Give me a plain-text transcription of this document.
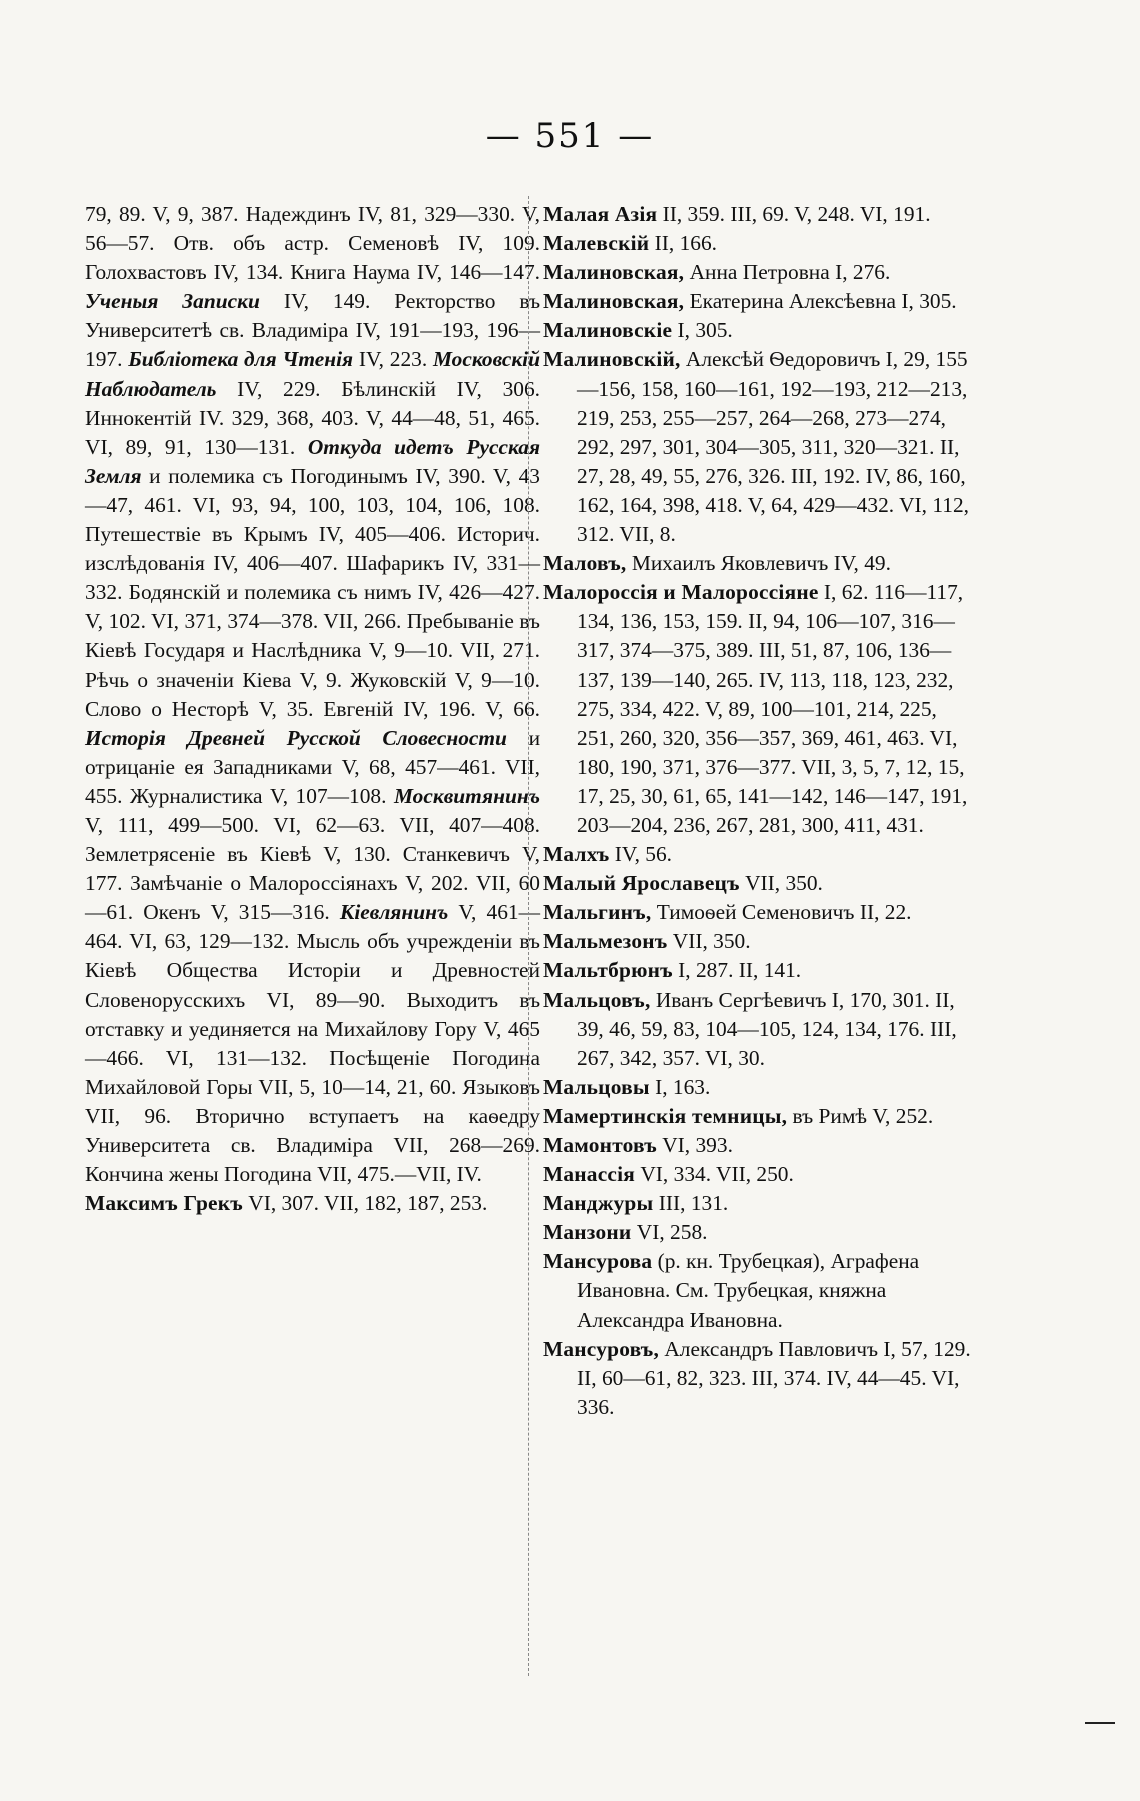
— 551 —

79, 89. V, 9, 387. Надеждинъ IV, 81, 329—330. V, 56—57. Отв. объ астр. Семеновѣ IV, 109. Голохвастовъ IV, 134. Книга Наума IV, 146—147. Ученыя Записки IV, 149. Ректорство въ Университетѣ св. Владиміра IV, 191—193, 196—197. Библіотека для Чтенія IV, 223. Московскій Наблюдатель IV, 229. Бѣлинскій IV, 306. Иннокентій IV. 329, 368, 403. V, 44—48, 51, 465. VI, 89, 91, 130—131. Откуда идетъ Русская Земля и полемика съ Погодинымъ IV, 390. V, 43—47, 461. VI, 93, 94, 100, 103, 104, 106, 108. Путешествіе въ Крымъ IV, 405—406. Историч. изслѣдованія IV, 406—407. Шафарикъ IV, 331—332. Бодянскій и полемика съ нимъ IV, 426—427. V, 102. VI, 371, 374—378. VII, 266. Пребываніе въ Кіевѣ Государя и Наслѣдника V, 9—10. VII, 271. Рѣчь о значеніи Кіева V, 9. Жуковскій V, 9—10. Слово о Несторѣ V, 35. Евгеній IV, 196. V, 66. Исторія Древней Русской Словесности и отрицаніе ея Западниками V, 68, 457—461. VII, 455. Журналистика V, 107—108. Москвитянинъ V, 111, 499—500. VI, 62—63. VII, 407—408. Землетрясеніе въ Кіевѣ V, 130. Станкевичъ V, 177. Замѣчаніе о Малороссіянахъ V, 202. VII, 60—61. Окенъ V, 315—316. Кіевлянинъ V, 461—464. VI, 63, 129—132. Мысль объ учрежденіи въ Кіевѣ Общества Исторіи и Древностей Словенорусскихъ VI, 89—90. Выходитъ въ отставку и уединяется на Михайлову Гору V, 465—466. VI, 131—132. Посѣщеніе Погодина Михайловой Горы VII, 5, 10—14, 21, 60. Языковъ VII, 96. Вторично вступаетъ на каѳедру Университета св. Владиміра VII, 268—269. Кончина жены Погодина VII, 475.—VII, IV.

Максимъ Грекъ VI, 307. VII, 182, 187, 253.

Малая Азія II, 359. III, 69. V, 248. VI, 191.

Малевскій II, 166.

Малиновская, Анна Петровна I, 276.

Малиновская, Екатерина Алексѣевна I, 305.

Малиновскіе I, 305.

Малиновскій, Алексѣй Ѳедоровичъ I, 29, 155—156, 158, 160—161, 192—193, 212—213, 219, 253, 255—257, 264—268, 273—274, 292, 297, 301, 304—305, 311, 320—321. II, 27, 28, 49, 55, 276, 326. III, 192. IV, 86, 160, 162, 164, 398, 418. V, 64, 429—432. VI, 112, 312. VII, 8.

Маловъ, Михаилъ Яковлевичъ IV, 49.

Малороссія и Малороссіяне I, 62. 116—117, 134, 136, 153, 159. II, 94, 106—107, 316—317, 374—375, 389. III, 51, 87, 106, 136—137, 139—140, 265. IV, 113, 118, 123, 232, 275, 334, 422. V, 89, 100—101, 214, 225, 251, 260, 320, 356—357, 369, 461, 463. VI, 180, 190, 371, 376—377. VII, 3, 5, 7, 12, 15, 17, 25, 30, 61, 65, 141—142, 146—147, 191, 203—204, 236, 267, 281, 300, 411, 431.

Малхъ IV, 56.

Малый Ярославецъ VII, 350.

Мальгинъ, Тимоѳей Семеновичъ II, 22.

Мальмезонъ VII, 350.

Мальтбрюнъ I, 287. II, 141.

Мальцовъ, Иванъ Сергѣевичъ I, 170, 301. II, 39, 46, 59, 83, 104—105, 124, 134, 176. III, 267, 342, 357. VI, 30.

Мальцовы I, 163.

Мамертинскія темницы, въ Римѣ V, 252.

Мамонтовъ VI, 393.

Манассія VI, 334. VII, 250.

Манджуры III, 131.

Манзони VI, 258.

Мансурова (р. кн. Трубецкая), Аграфена Ивановна. См. Трубецкая, княжна Александра Ивановна.

Мансуровъ, Александръ Павловичъ I, 57, 129. II, 60—61, 82, 323. III, 374. IV, 44—45. VI, 336.
